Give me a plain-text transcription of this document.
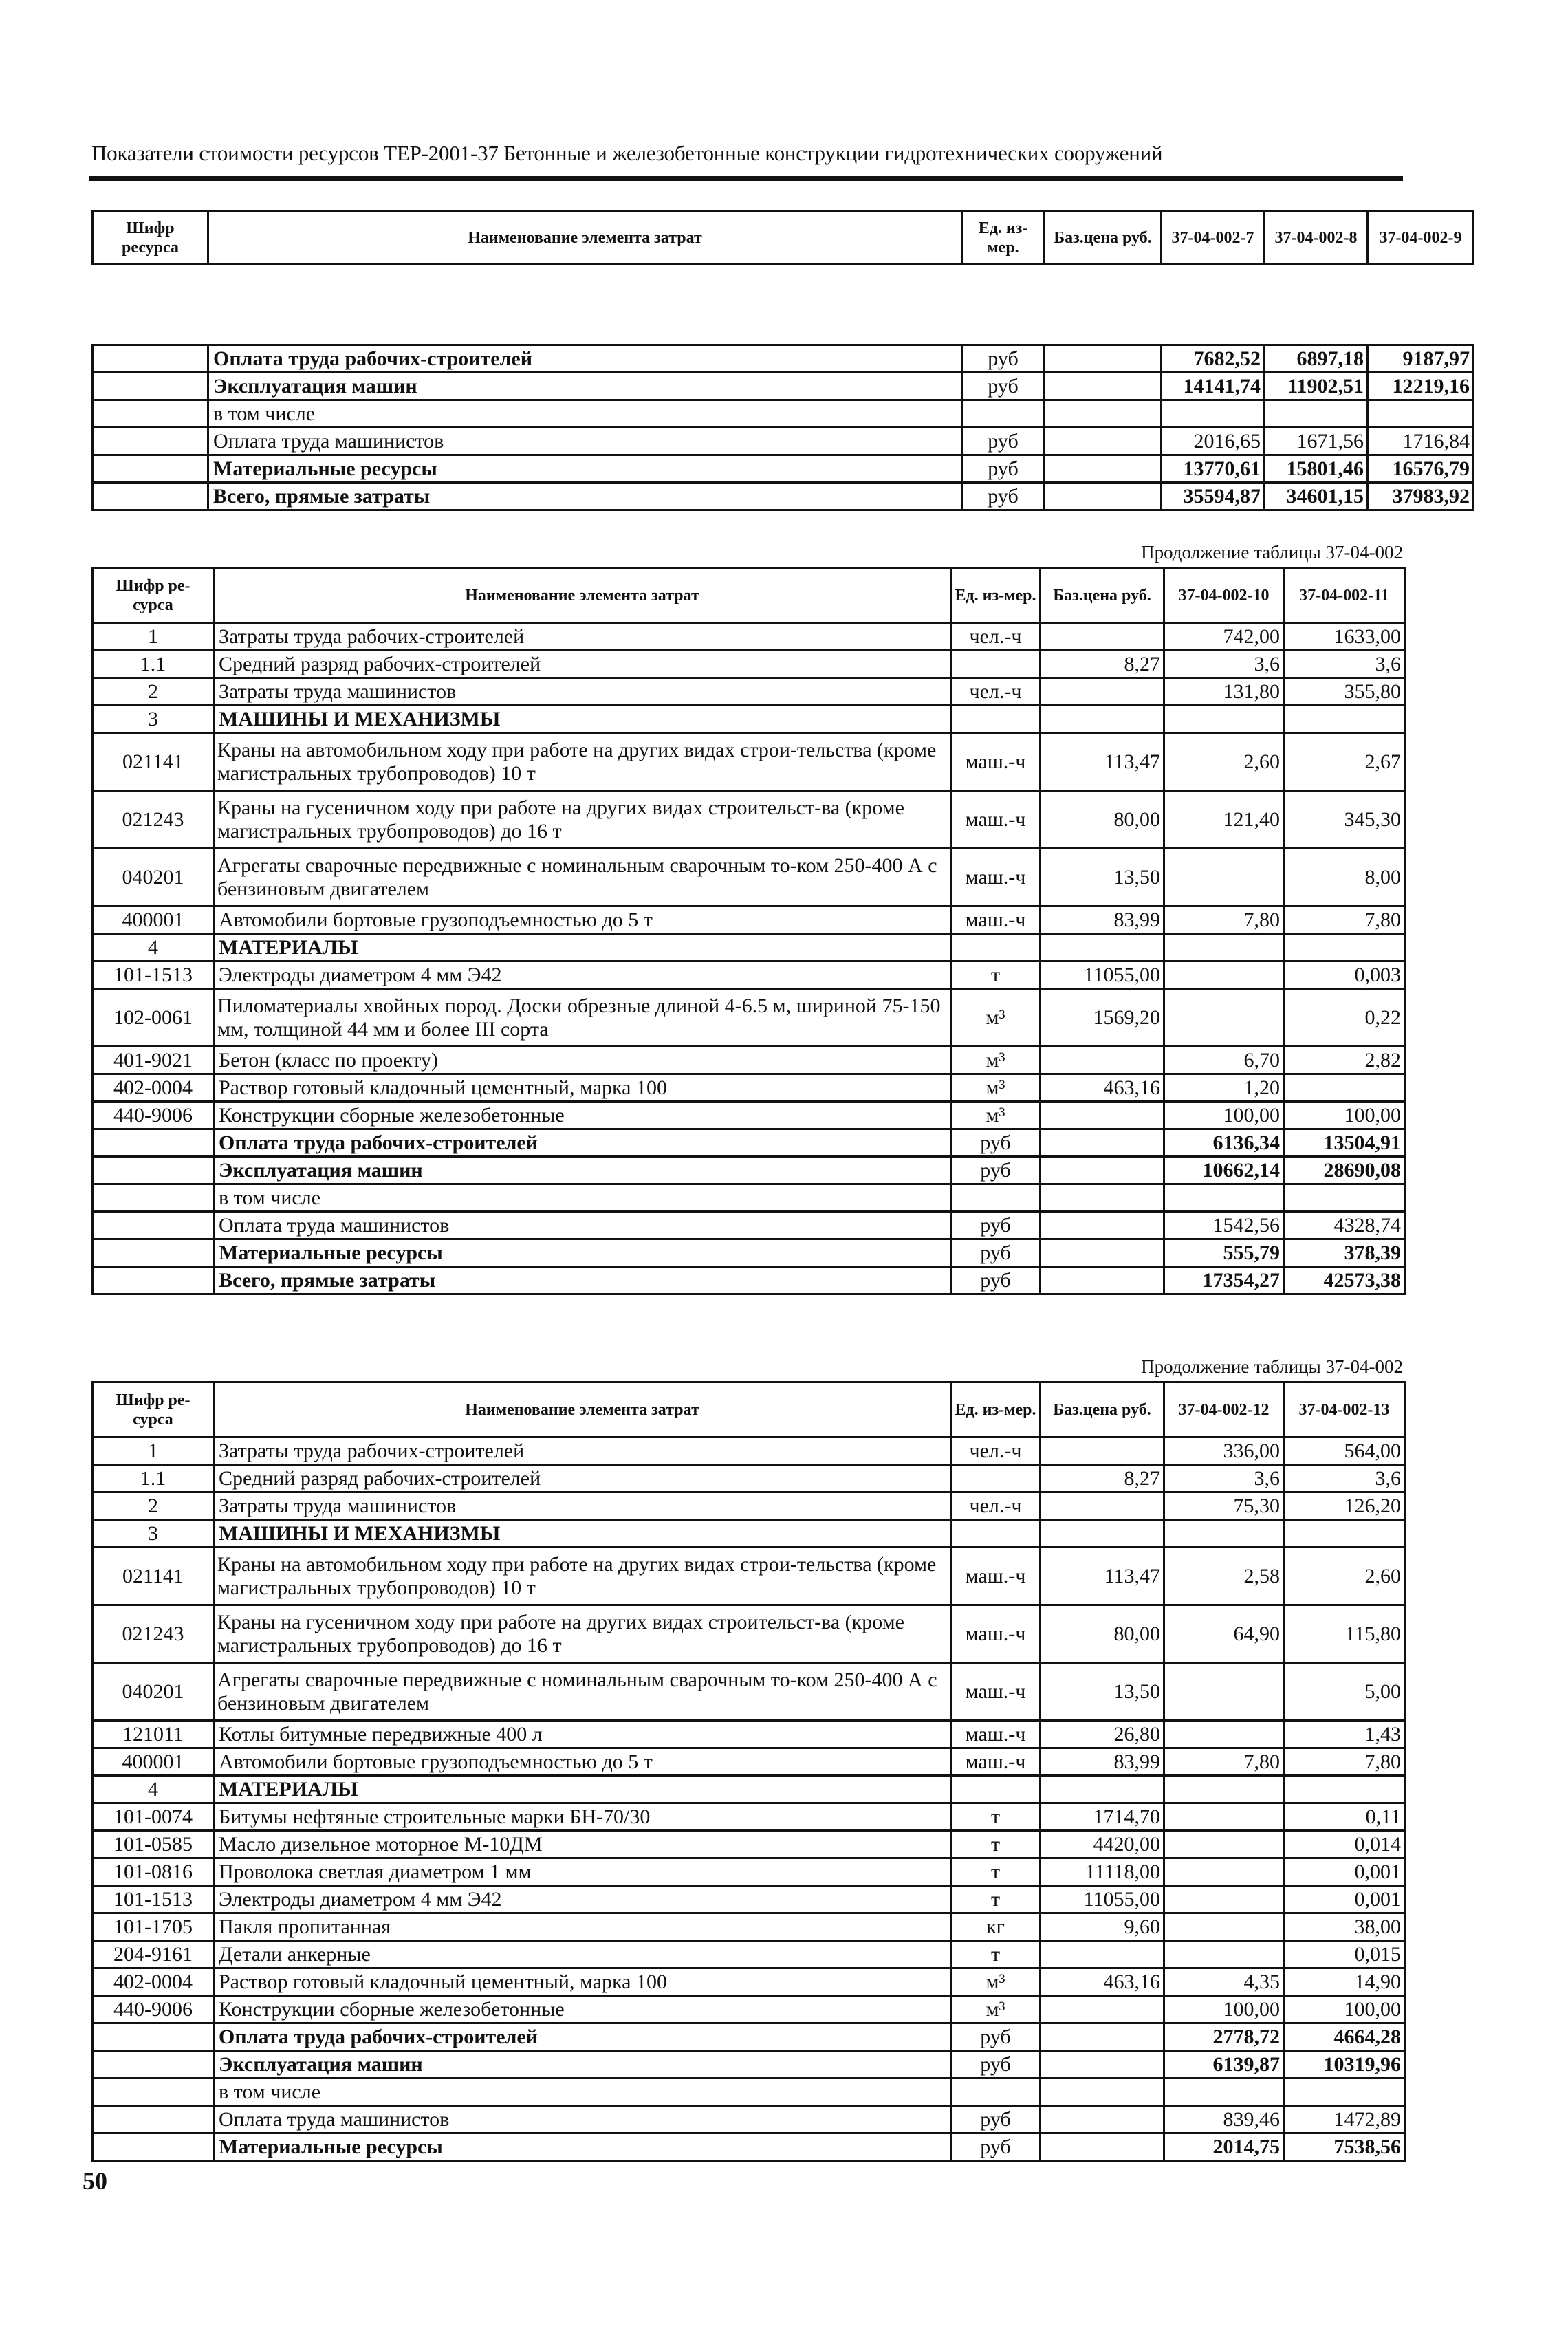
Показатели стоимости ресурсов ТЕР-2001-37 Бетонные и железобетонные конструкции гидротехнических сооружений
Шифр ресурса	Наименование элемента затрат	Ед. из-мер.	Баз.цена руб.	37-04-002-7	37-04-002-8	37-04-002-9
	Оплата труда рабочих-строителей	руб		7682,52	6897,18	9187,97
	Эксплуатация машин	руб		14141,74	11902,51	12219,16
	в том числе					
	Оплата труда машинистов	руб		2016,65	1671,56	1716,84
	Материальные ресурсы	руб		13770,61	15801,46	16576,79
	Всего, прямые затраты	руб		35594,87	34601,15	37983,92
Продолжение таблицы 37-04-002
Шифр ре-сурса	Наименование элемента затрат	Ед. из-мер.	Баз.цена руб.	37-04-002-10	37-04-002-11
1	Затраты труда рабочих-строителей	чел.-ч		742,00	1633,00
1.1	Средний разряд рабочих-строителей		8,27	3,6	3,6
2	Затраты труда машинистов	чел.-ч		131,80	355,80
3	МАШИНЫ И МЕХАНИЗМЫ				
021141	Краны на автомобильном ходу при работе на других видах строи-тельства (кроме магистральных трубопроводов) 10 т	маш.-ч	113,47	2,60	2,67
021243	Краны на гусеничном ходу при работе на других видах строительст-ва (кроме магистральных трубопроводов) до 16 т	маш.-ч	80,00	121,40	345,30
040201	Агрегаты сварочные передвижные с номинальным сварочным то-ком 250-400 А с бензиновым двигателем	маш.-ч	13,50		8,00
400001	Автомобили бортовые грузоподъемностью до 5 т	маш.-ч	83,99	7,80	7,80
4	МАТЕРИАЛЫ				
101-1513	Электроды диаметром 4 мм Э42	т	11055,00		0,003
102-0061	Пиломатериалы хвойных пород. Доски обрезные длиной 4-6.5 м, шириной 75-150 мм, толщиной 44 мм и более III сорта	м³	1569,20		0,22
401-9021	Бетон (класс по проекту)	м³		6,70	2,82
402-0004	Раствор готовый кладочный цементный, марка 100	м³	463,16	1,20	
440-9006	Конструкции сборные железобетонные	м³		100,00	100,00
	Оплата труда рабочих-строителей	руб		6136,34	13504,91
	Эксплуатация машин	руб		10662,14	28690,08
	в том числе				
	Оплата труда машинистов	руб		1542,56	4328,74
	Материальные ресурсы	руб		555,79	378,39
	Всего, прямые затраты	руб		17354,27	42573,38
Продолжение таблицы 37-04-002
Шифр ре-сурса	Наименование элемента затрат	Ед. из-мер.	Баз.цена руб.	37-04-002-12	37-04-002-13
1	Затраты труда рабочих-строителей	чел.-ч		336,00	564,00
1.1	Средний разряд рабочих-строителей		8,27	3,6	3,6
2	Затраты труда машинистов	чел.-ч		75,30	126,20
3	МАШИНЫ И МЕХАНИЗМЫ				
021141	Краны на автомобильном ходу при работе на других видах строи-тельства (кроме магистральных трубопроводов) 10 т	маш.-ч	113,47	2,58	2,60
021243	Краны на гусеничном ходу при работе на других видах строительст-ва (кроме магистральных трубопроводов) до 16 т	маш.-ч	80,00	64,90	115,80
040201	Агрегаты сварочные передвижные с номинальным сварочным то-ком 250-400 А с бензиновым двигателем	маш.-ч	13,50		5,00
121011	Котлы битумные передвижные 400 л	маш.-ч	26,80		1,43
400001	Автомобили бортовые грузоподъемностью до 5 т	маш.-ч	83,99	7,80	7,80
4	МАТЕРИАЛЫ				
101-0074	Битумы нефтяные строительные марки БН-70/30	т	1714,70		0,11
101-0585	Масло дизельное моторное М-10ДМ	т	4420,00		0,014
101-0816	Проволока светлая диаметром 1 мм	т	11118,00		0,001
101-1513	Электроды диаметром 4 мм Э42	т	11055,00		0,001
101-1705	Пакля пропитанная	кг	9,60		38,00
204-9161	Детали анкерные	т			0,015
402-0004	Раствор готовый кладочный цементный, марка 100	м³	463,16	4,35	14,90
440-9006	Конструкции сборные железобетонные	м³		100,00	100,00
	Оплата труда рабочих-строителей	руб		2778,72	4664,28
	Эксплуатация машин	руб		6139,87	10319,96
	в том числе				
	Оплата труда машинистов	руб		839,46	1472,89
	Материальные ресурсы	руб		2014,75	7538,56
50
